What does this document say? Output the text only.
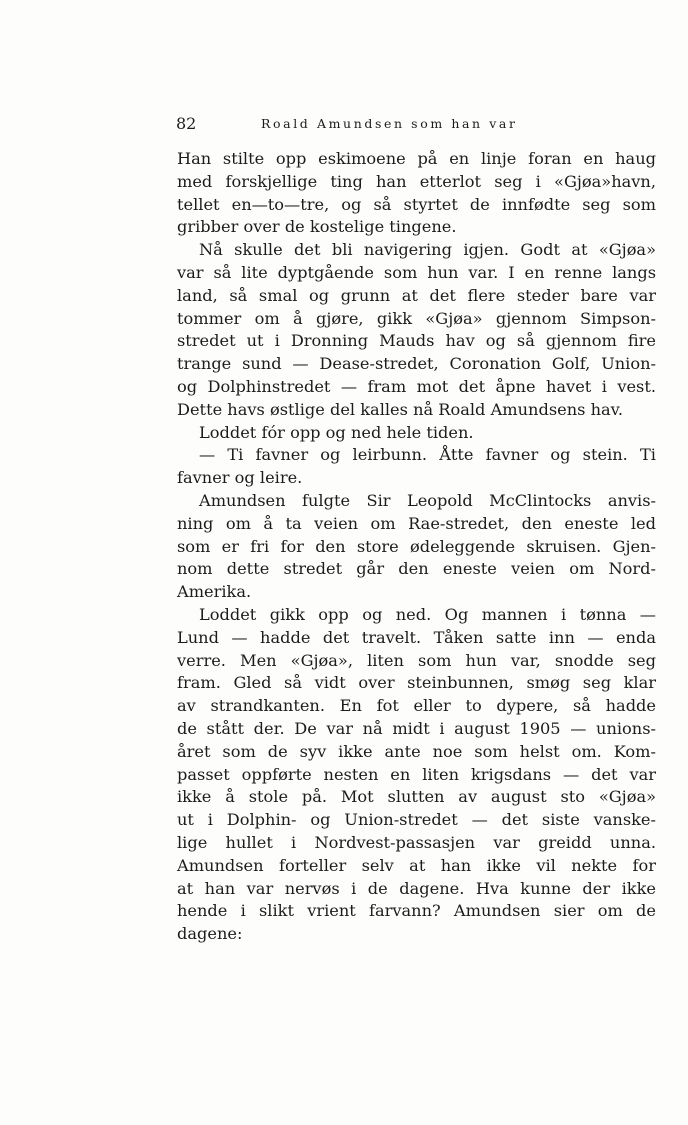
82	Roald Amundsen som han var
Han stilte opp eskimoene på en linje foran en haug
med forskjellige ting han etterlot seg i «Gjøa»havn,
tellet en—to—tre, og så styrtet de innfødte seg som
gribber over de kostelige tingene.
Nå skulle det bli navigering igjen. Godt at «Gjøa»
var så lite dyptgående som hun var. I en renne langs
land, så smal og grunn at det flere steder bare var
tommer om å gjøre, gikk «Gjøa» gjennom Simpson-
stredet ut i Dronning Mauds hav og så gjennom fire
trange sund — Dease-stredet, Coronation Golf, Union-
og Dolphinstredet — fram mot det åpne havet i vest.
Dette havs østlige del kalles nå Roald Amundsens hav.
Loddet fór opp og ned hele tiden.
— Ti favner og leirbunn. Åtte favner og stein. Ti
favner og leire.
Amundsen fulgte Sir Leopold McClintocks anvis-
ning om å ta veien om Rae-stredet, den eneste led
som er fri for den store ødeleggende skruisen. Gjen-
nom dette stredet går den eneste veien om Nord-
Amerika.
Loddet gikk opp og ned. Og mannen i tønna —
Lund — hadde det travelt. Tåken satte inn — enda
verre. Men «Gjøa», liten som hun var, snodde seg
fram. Gled så vidt over steinbunnen, smøg seg klar
av strandkanten. En fot eller to dypere, så hadde
de stått der. De var nå midt i august 1905 — unions-
året som de syv ikke ante noe som helst om. Kom-
passet oppførte nesten en liten krigsdans — det var
ikke å stole på. Mot slutten av august sto «Gjøa»
ut i Dolphin- og Union-stredet — det siste vanske-
lige hullet i Nordvest-passasjen var greidd unna.
Amundsen forteller selv at han ikke vil nekte for
at han var nervøs i de dagene. Hva kunne der ikke
hende i slikt vrient farvann? Amundsen sier om de
dagene:
